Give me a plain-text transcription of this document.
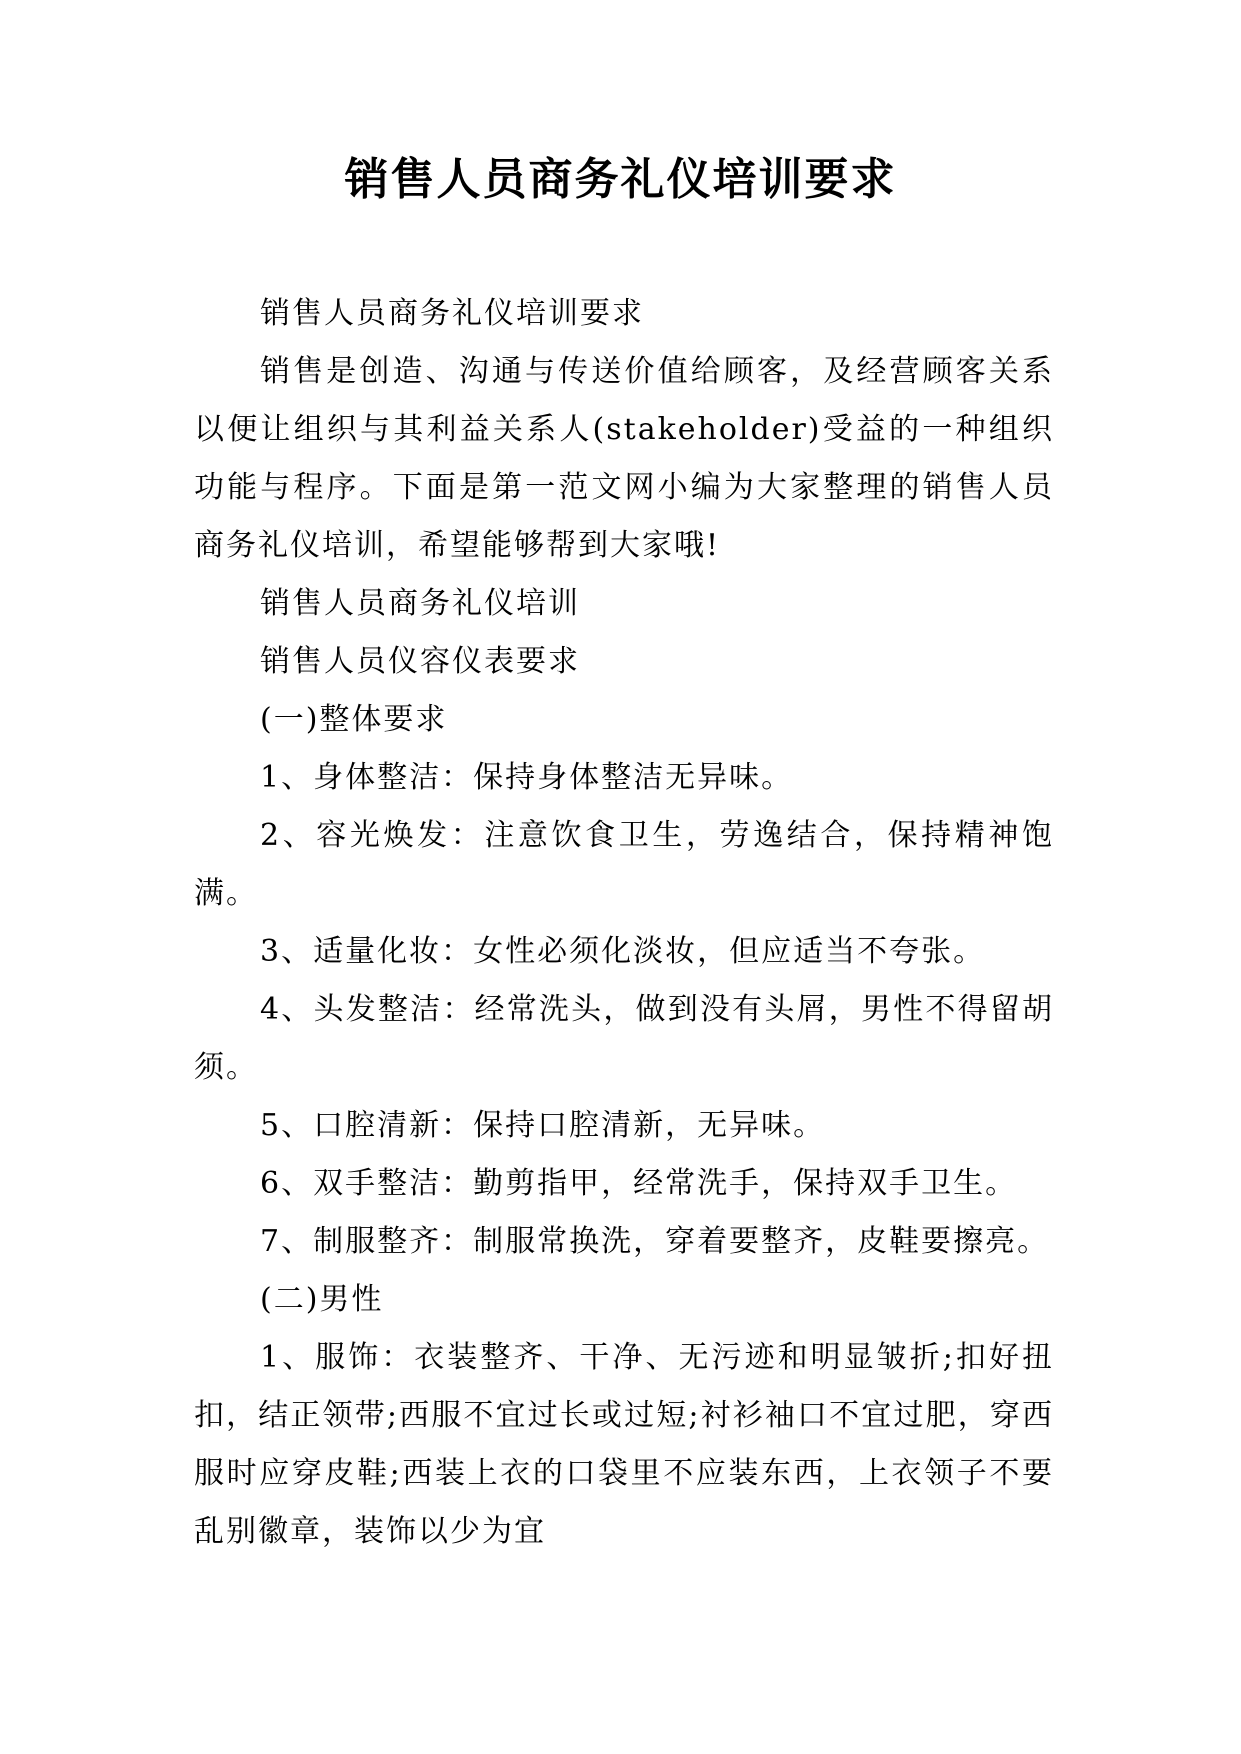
销售人员商务礼仪培训要求

销售人员商务礼仪培训要求

销售是创造、沟通与传送价值给顾客，及经营顾客关系以便让组织与其利益关系人(stakeholder)受益的一种组织功能与程序。下面是第一范文网小编为大家整理的销售人员商务礼仪培训，希望能够帮到大家哦!

销售人员商务礼仪培训

销售人员仪容仪表要求

(一)整体要求

1、身体整洁：保持身体整洁无异味。

2、容光焕发：注意饮食卫生，劳逸结合，保持精神饱满。

3、适量化妆：女性必须化淡妆，但应适当不夸张。

4、头发整洁：经常洗头，做到没有头屑，男性不得留胡须。

5、口腔清新：保持口腔清新，无异味。

6、双手整洁：勤剪指甲，经常洗手，保持双手卫生。

7、制服整齐：制服常换洗，穿着要整齐，皮鞋要擦亮。

(二)男性

1、服饰：衣装整齐、干净、无污迹和明显皱折;扣好扭扣，结正领带;西服不宜过长或过短;衬衫袖口不宜过肥，穿西服时应穿皮鞋;西装上衣的口袋里不应装东西，上衣领子不要乱别徽章，装饰以少为宜
